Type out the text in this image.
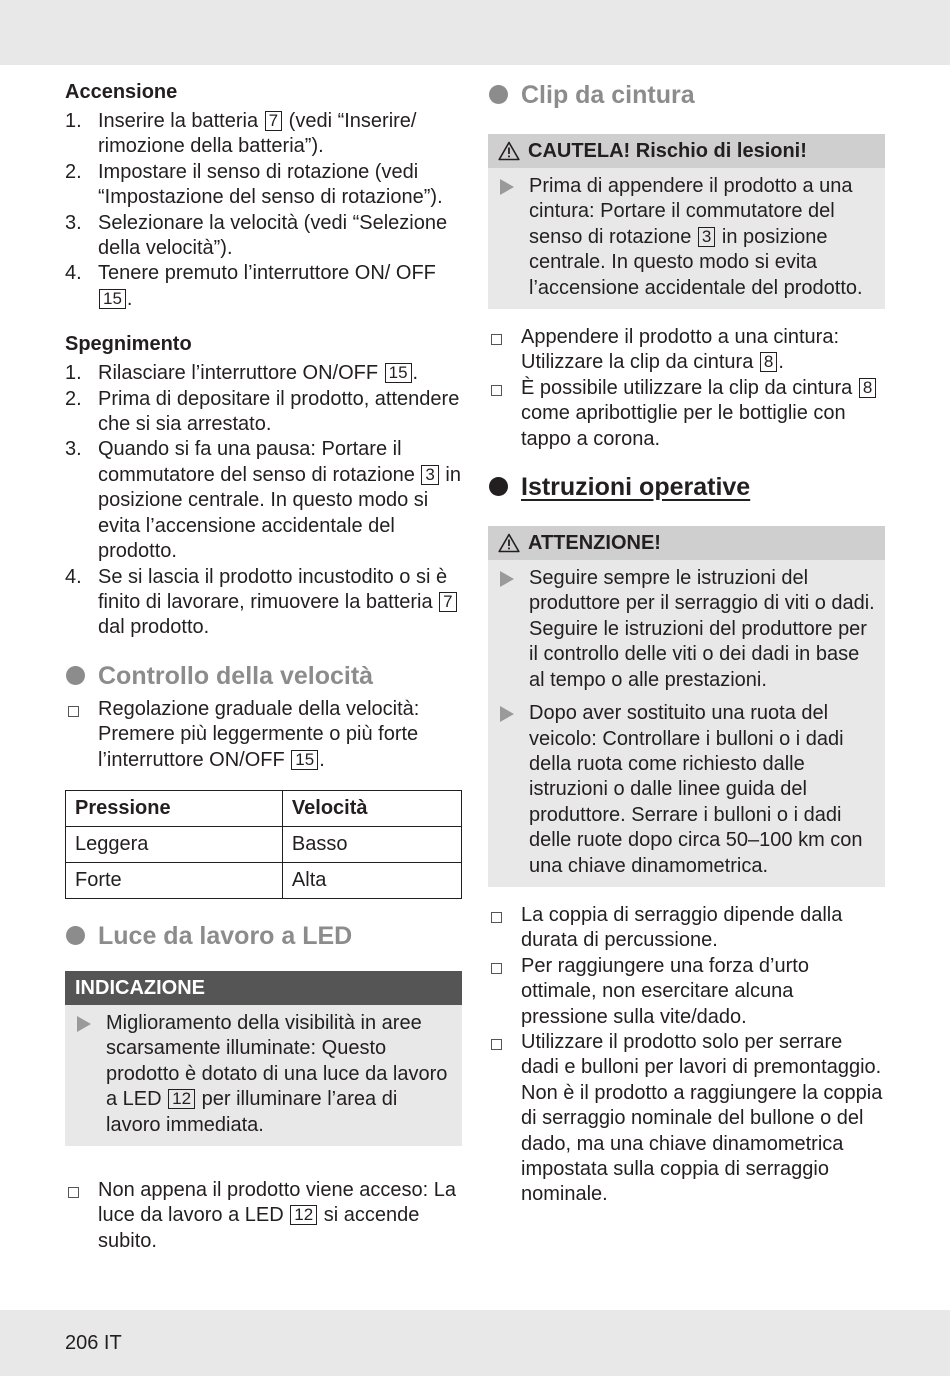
Accensione
1. Inserire la batteria 7 (vedi “Inserire/ rimozione della batteria”).
2. Impostare il senso di rotazione (vedi “Impostazione del senso di rotazione”).
3. Selezionare la velocità (vedi “Selezione della velocità”).
4. Tenere premuto l’interruttore ON/ OFF 15 .
Spegnimento
1. Rilasciare l’interruttore ON/OFF 15 .
2. Prima di depositare il prodotto, attendere che si sia arrestato.
3. Quando si fa una pausa: Portare il commutatore del senso di rotazione 3 in posizione centrale. In questo modo si evita l’accensione accidentale del prodotto.
4. Se si lascia il prodotto incustodito o si è finito di lavorare, rimuovere la batteria 7 dal prodotto.
Controllo della velocità
Regolazione graduale della velocità: Premere più leggermente o più forte l’interruttore ON/OFF 15 .
Pressione	Velocità
Leggera	Basso
Forte	Alta
Luce da lavoro a LED
INDICAZIONE
Miglioramento della visibilità in aree scarsamente illuminate: Questo prodotto è dotato di una luce da lavoro a LED 12 per illuminare l’area di lavoro immediata.
Non appena il prodotto viene acceso: La luce da lavoro a LED 12 si accende subito.
Clip da cintura
CAUTELA! Rischio di lesioni!
Prima di appendere il prodotto a una cintura: Portare il commutatore del senso di rotazione 3 in posizione centrale. In questo modo si evita l’accensione accidentale del prodotto.
Appendere il prodotto a una cintura: Utilizzare la clip da cintura 8 .
È possibile utilizzare la clip da cintura 8 come apribottiglie per le bottiglie con tappo a corona.
Istruzioni operative
ATTENZIONE!
Seguire sempre le istruzioni del produttore per il serraggio di viti o dadi. Seguire le istruzioni del produttore per il controllo delle viti o dei dadi in base al tempo o alle prestazioni.
Dopo aver sostituito una ruota del veicolo: Controllare i bulloni o i dadi della ruota come richiesto dalle istruzioni o dalle linee guida del produttore. Serrare i bulloni o i dadi delle ruote dopo circa 50–100 km con una chiave dinamometrica.
La coppia di serraggio dipende dalla durata di percussione.
Per raggiungere una forza d’urto ottimale, non esercitare alcuna pressione sulla vite/dado.
Utilizzare il prodotto solo per serrare dadi e bulloni per lavori di premontaggio. Non è il prodotto a raggiungere la coppia di serraggio nominale del bullone o del dado, ma una chiave dinamometrica impostata sulla coppia di serraggio nominale.
206 IT
